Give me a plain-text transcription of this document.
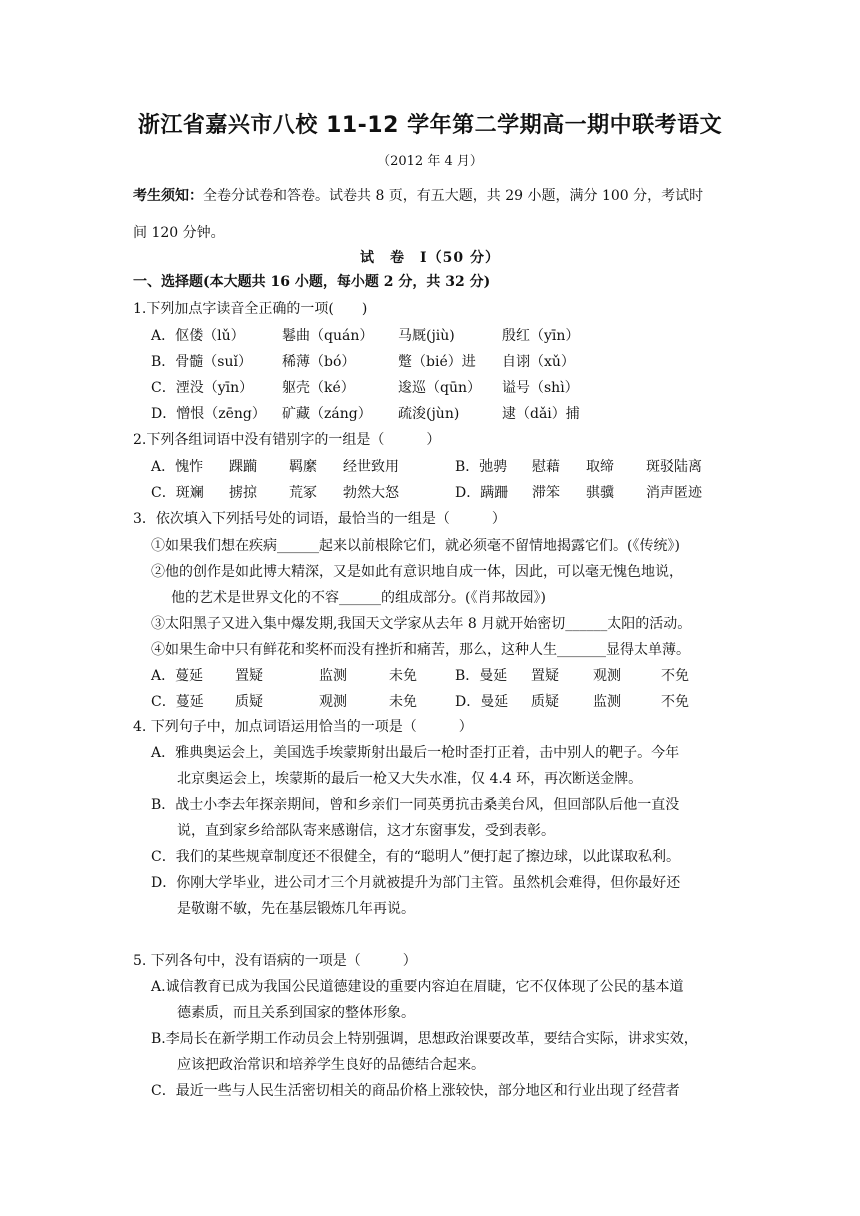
浙江省嘉兴市八校 11-12 学年第二学期高一期中联考语文
（2012 年 4 月）
考生须知：全卷分试卷和答卷。试卷共 8 页，有五大题，共 29 小题，满分 100 分，考试时
间 120 分钟。
试　卷　Ⅰ（50 分）
一、选择题(本大题共 16 小题，每小题 2 分，共 32 分)
1.下列加点字读音全正确的一项(　　)
A．伛偻（lǔ）	鬈曲（quán） 马厩(jiù)	殷红（yīn）
B．骨髓（suǐ） 稀薄（bó）	蹩（bié）进 自诩（xǔ）
C．湮没（yīn） 躯壳（ké）	逡巡（qūn） 谥号（shì）
D．憎恨（zēng） 矿藏（záng） 疏浚(jùn)	逮（dǎi）捕
2.下列各组词语中没有错别字的一组是（　　　）
A．愧怍 踝躏 羁縻 经世致用	B．弛骋 慰藉 取缔 斑驳陆离
C．斑斓 掳掠 荒冢 勃然大怒	D．蹒跚 滞笨 骐骥 消声匿迹
3．依次填入下列括号处的词语，最恰当的一组是（　　　）
①如果我们想在疾病______起来以前根除它们，就必须毫不留情地揭露它们。(《传统》)
②他的创作是如此博大精深，又是如此有意识地自成一体，因此，可以毫无愧色地说，
他的艺术是世界文化的不容______的组成部分。(《肖邦故园》)
③太阳黑子又进入集中爆发期,我国天文学家从去年 8 月就开始密切______太阳的活动。
④如果生命中只有鲜花和奖杯而没有挫折和痛苦，那么，这种人生_______显得太单薄。
A．蔓延 置疑	监测	未免	B．曼延 置疑 观测	不免
C．蔓延 质疑	观测	未免	D．曼延 质疑 监测	不免
4. 下列句子中，加点词语运用恰当的一项是（　　　）
A．雅典奥运会上，美国选手埃蒙斯射出最后一枪时歪打正着，击中别人的靶子。今年
北京奥运会上，埃蒙斯的最后一枪又大失水准，仅 4.4 环，再次断送金牌。
B．战士小李去年探亲期间，曾和乡亲们一同英勇抗击桑美台风，但回部队后他一直没
说，直到家乡给部队寄来感谢信，这才东窗事发，受到表彰。
C．我们的某些规章制度还不很健全，有的“聪明人”便打起了擦边球，以此谋取私利。
D．你刚大学毕业，进公司才三个月就被提升为部门主管。虽然机会难得，但你最好还
是敬谢不敏，先在基层锻炼几年再说。
5. 下列各句中，没有语病的一项是（　　　）
A.诚信教育已成为我国公民道德建设的重要内容迫在眉睫，它不仅体现了公民的基本道
德素质，而且关系到国家的整体形象。
B.李局长在新学期工作动员会上特别强调，思想政治课要改革，要结合实际，讲求实效，
应该把政治常识和培养学生良好的品德结合起来。
C．最近一些与人民生活密切相关的商品价格上涨较快，部分地区和行业出现了经营者
